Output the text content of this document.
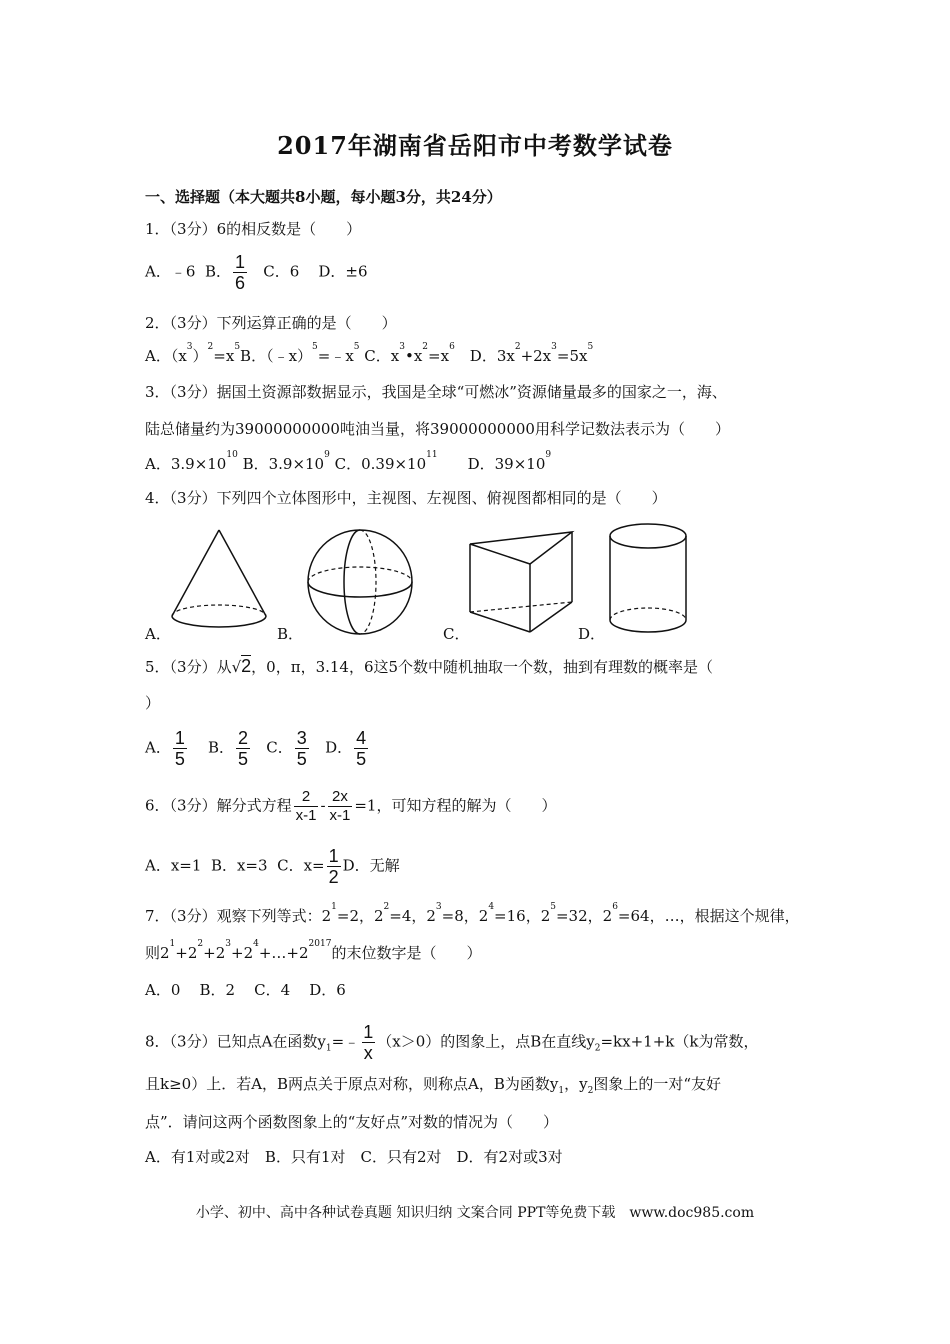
2017年湖南省岳阳市中考数学试卷
一、选择题（本大题共8小题，每小题3分，共24分）
1．（3分）6的相反数是（　　）
A．﹣6 B． $\frac{1}{6}$ C．6 D．±6
2．（3分）下列运算正确的是（　　）
A．$(x^3)^2=x^5B$．$(﹣x)^5=﹣x^5$ C．$x^3•x^2=x^6$　D．$3x^2+2x^3=5x^5$
3．（3分）据国土资源部数据显示，我国是全球“可燃冰”资源储量最多的国家之一，海、
陆总储量约为39000000000吨油当量，将39000000000用科学记数法表示为（　　）
A．$3.9\times 10^{10}$ B．$3.9\times 10^9$ C．$0.39\times 10^{11}$　　D．$39\times 10^9$
4．（3分）下列四个立体图形中，主视图、左视图、俯视图都相同的是（　　）
A．	B．	C．	D．
5．（3分）从√2，0，π，3.14，6这5个数中随机抽取一个数，抽到有理数的概率是（
）
A． $\frac{1}{5}$ B． $\frac{2}{5}$ C． $\frac{3}{5}$ D． $\frac{4}{5}$
6．（3分）解分式方程 $\frac{2}{x-1} - \frac{2x}{x-1} =1$，可知方程的解为（　　）
A．x=1 B．x=3 C．$x= \frac{1}{2}$ D．无解
7．（3分）观察下列等式：$2^1=2$，$2^2=4$，$2^3=8$，$2^4=16$，$2^5=32$，$2^6=64$，…，根据这个规律，
则$2^1+2^2+2^3+2^4+\dots+2^{2017}$的末位数字是（　　）
A．0 B．2 C．4 D．6
8．（3分）已知点A在函数$y_1=﹣ \frac{1}{x} (x>0)$的图象上，点B在直线$y_2=kx+1+k(k$为常数，
且k≥0）上．若A，B两点关于原点对称，则称点A，B为函数$y_1$，$y_2$图象上的一对“友好
点”．请问这两个函数图象上的“友好点”对数的情况为（　　）
A．有1对或2对　B．只有1对　C．只有2对　D．有2对或3对
小学、初中、高中各种试卷真题 知识归纳 文案合同 PPT等免费下载　www.doc985.com
